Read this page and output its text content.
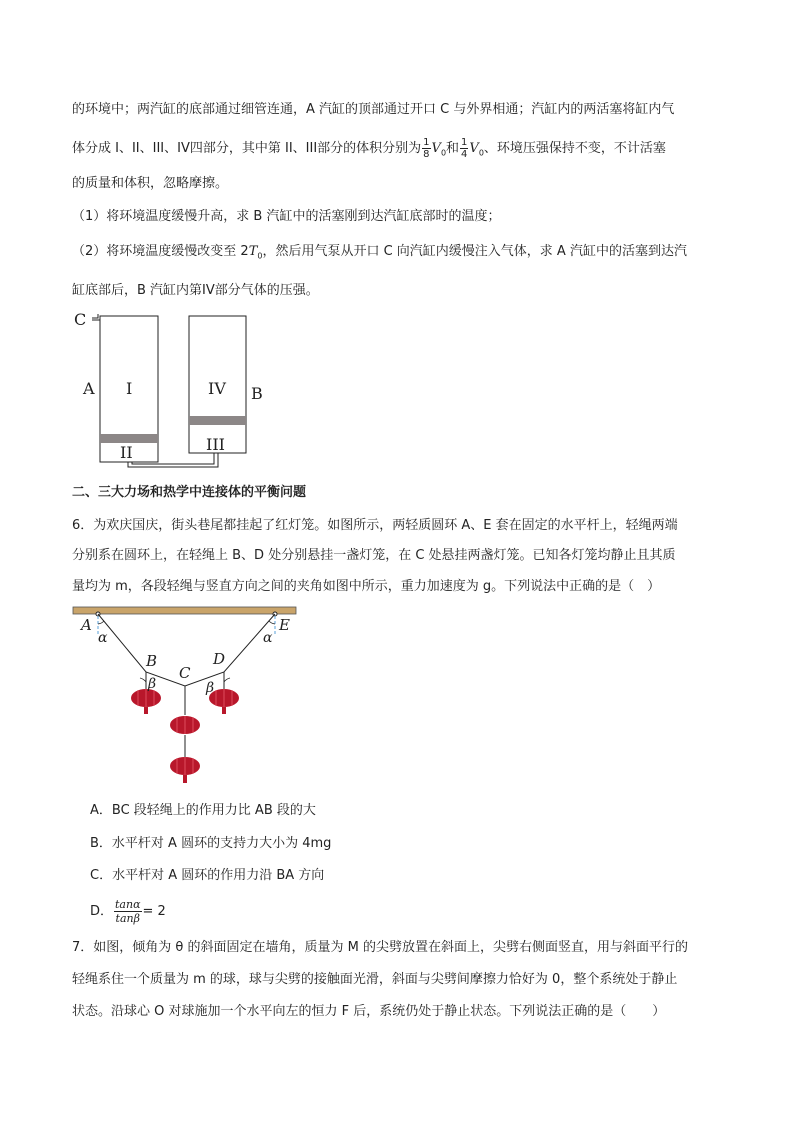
的环境中；两汽缸的底部通过细管连通，A 汽缸的顶部通过开口 C 与外界相通；汽缸内的两活塞将缸内气
体分成 I、II、III、IV四部分，其中第 II、III部分的体积分别为 $\frac{1}{8} V_0$和 $\frac{1}{4} V_0$、环境压强保持不变，不计活塞
的质量和体积，忽略摩擦。
（1）将环境温度缓慢升高，求 B 汽缸中的活塞刚到达汽缸底部时的温度；
（2）将环境温度缓慢改变至 $2T_0$，然后用气泵从开口 C 向汽缸内缓慢注入气体，求 A 汽缸中的活塞到达汽
缸底部后，B 汽缸内第IV部分气体的压强。
C
A I
II
IV
III
B
二、三大力场和热学中连接体的平衡问题
6．为欢庆国庆，街头巷尾都挂起了红灯笼。如图所示，两轻质圆环 A、E 套在固定的水平杆上，轻绳两端
分别系在圆环上，在轻绳上 B、D 处分别悬挂一盏灯笼，在 C 处悬挂两盏灯笼。已知各灯笼均静止且其质
量均为 m，各段轻绳与竖直方向之间的夹角如图中所示，重力加速度为 g。下列说法中正确的是（　）
A	E
α	α
B
C
D
β	β
A．BC 段轻绳上的作用力比 AB 段的大
B．水平杆对 A 圆环的支持力大小为 4mg
C．水平杆对 A 圆环的作用力沿 BA 方向
D． $\frac{\tan\alpha}{\tan\beta} = 2$
7．如图，倾角为 θ 的斜面固定在墙角，质量为 M 的尖劈放置在斜面上，尖劈右侧面竖直，用与斜面平行的
轻绳系住一个质量为 m 的球，球与尖劈的接触面光滑，斜面与尖劈间摩擦力恰好为 0，整个系统处于静止
状态。沿球心 O 对球施加一个水平向左的恒力 F 后，系统仍处于静止状态。下列说法正确的是（　　）
